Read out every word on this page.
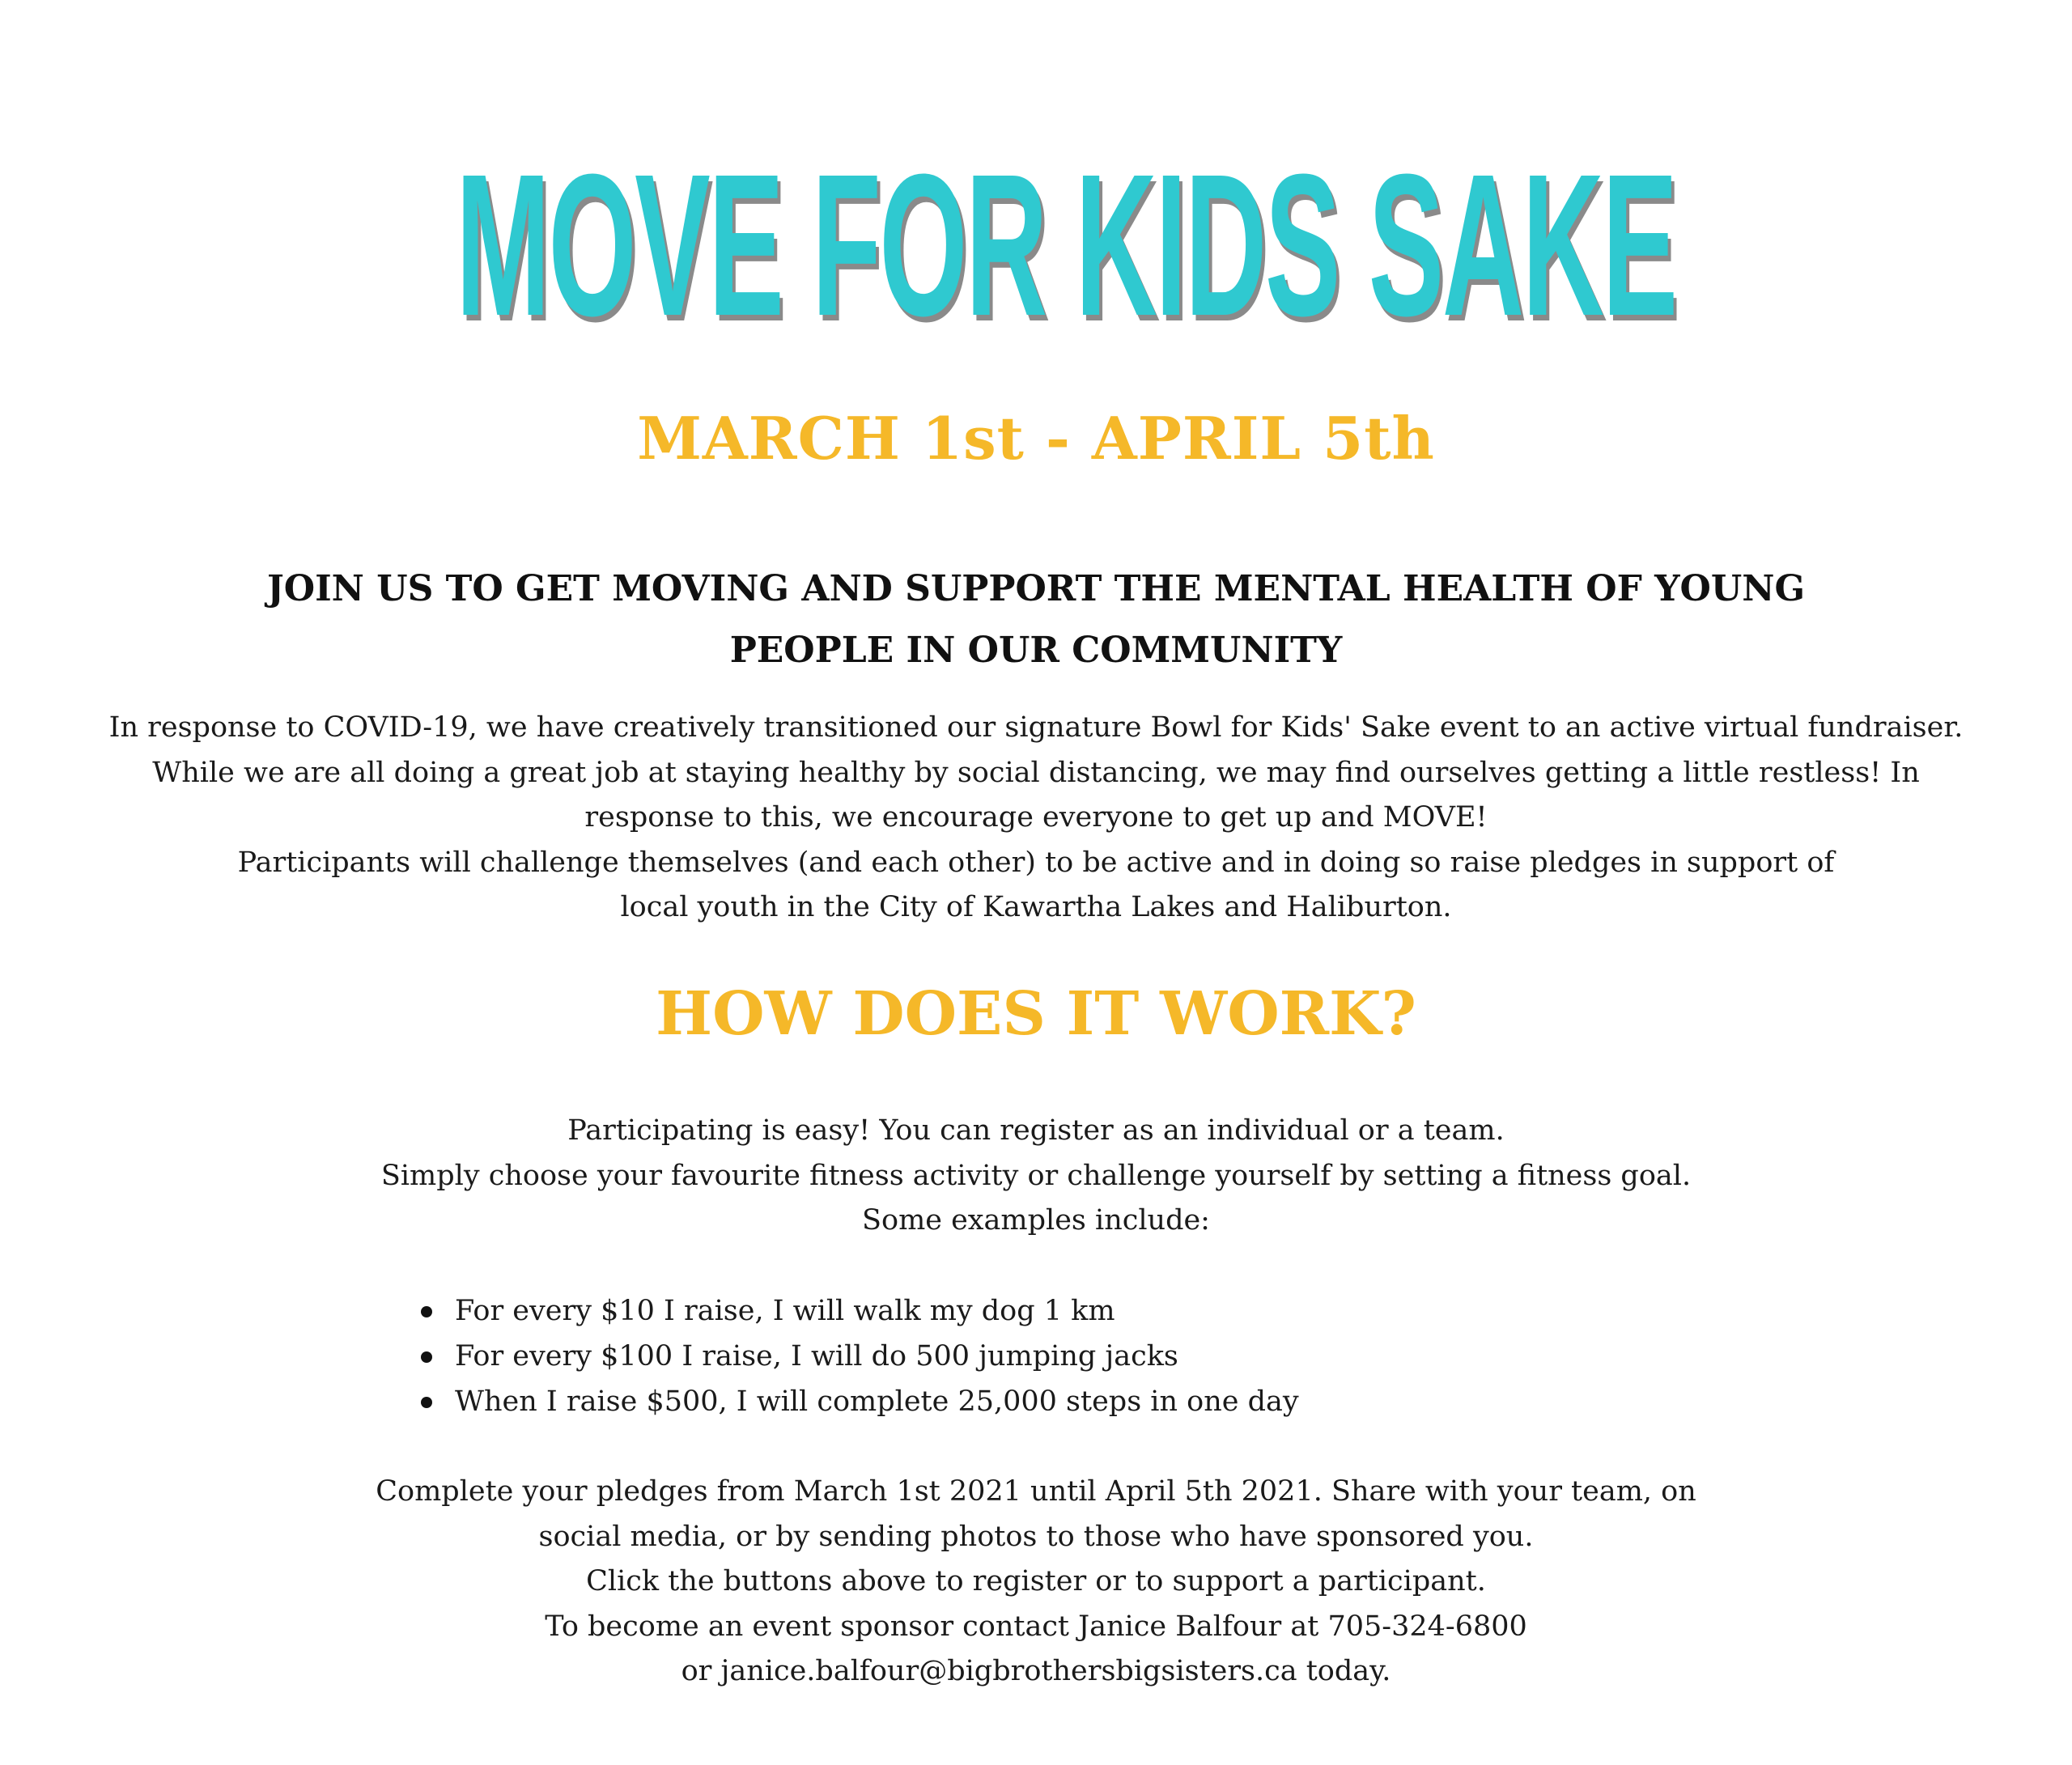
MOVE FOR KIDS SAKE
MARCH 1st - APRIL 5th
JOIN US TO GET MOVING AND SUPPORT THE MENTAL HEALTH OF YOUNG
PEOPLE IN OUR COMMUNITY
In response to COVID-19, we have creatively transitioned our signature Bowl for Kids' Sake event to an active virtual fundraiser.
While we are all doing a great job at staying healthy by social distancing, we may find ourselves getting a little restless! In
response to this, we encourage everyone to get up and MOVE!
Participants will challenge themselves (and each other) to be active and in doing so raise pledges in support of
local youth in the City of Kawartha Lakes and Haliburton.
HOW DOES IT WORK?
Participating is easy! You can register as an individual or a team.
Simply choose your favourite fitness activity or challenge yourself by setting a fitness goal.
Some examples include:
For every $10 I raise, I will walk my dog 1 km
For every $100 I raise, I will do 500 jumping jacks
When I raise $500, I will complete 25,000 steps in one day
Complete your pledges from March 1st 2021 until April 5th 2021. Share with your team, on
social media, or by sending photos to those who have sponsored you.
Click the buttons above to register or to support a participant.
To become an event sponsor contact Janice Balfour at 705-324-6800
or janice.balfour@bigbrothersbigsisters.ca today.
